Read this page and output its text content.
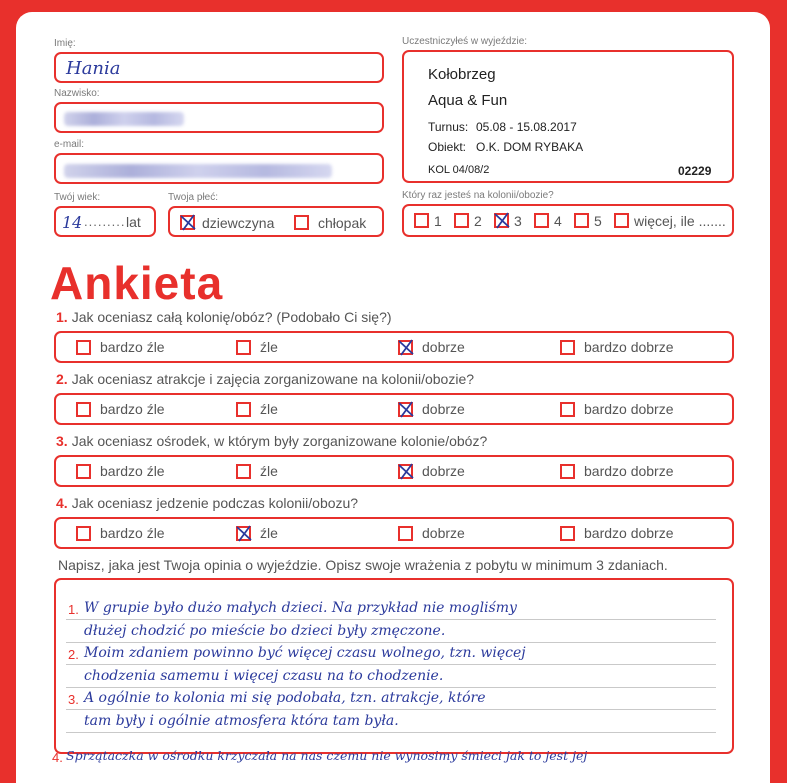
Imię:
Hania
Nazwisko:
e-mail:
Twój wiek:
14 ......... lat
Twoja płeć:
dziewczyna	chłopak
Uczestniczyłeś w wyjeździe:
Kołobrzeg
Aqua & Fun
Turnus: 05.08 - 15.08.2017
Obiekt: O.K. DOM RYBAKA
KOL 04/08/2	02229
Który raz jesteś na kolonii/obozie?
1 2 3 4 5 więcej, ile .......
Ankieta
1. Jak oceniasz całą kolonię/obóz? (Podobało Ci się?)
bardzo źle	źle	dobrze	bardzo dobrze
2. Jak oceniasz atrakcje i zajęcia zorganizowane na kolonii/obozie?
bardzo źle	źle	dobrze	bardzo dobrze
3. Jak oceniasz ośrodek, w którym były zorganizowane kolonie/obóz?
bardzo źle	źle	dobrze	bardzo dobrze
4. Jak oceniasz jedzenie podczas kolonii/obozu?
bardzo źle	źle	dobrze	bardzo dobrze
Napisz, jaka jest Twoja opinia o wyjeździe. Opisz swoje wrażenia z pobytu w minimum 3 zdaniach.
1. W grupie było dużo małych dzieci. Na przykład nie mogliśmy
dłużej chodzić po mieście bo dzieci były zmęczone.
2. Moim zdaniem powinno być więcej czasu wolnego, tzn. więcej
chodzenia samemu i więcej czasu na to chodzenie.
3. A ogólnie to kolonia mi się podobała, tzn. atrakcje, które
tam były i ogólnie atmosfera która tam była.
4. Sprzątaczka w ośrodku krzyczała na nas czemu nie wynosimy śmieci jak to jest jej
